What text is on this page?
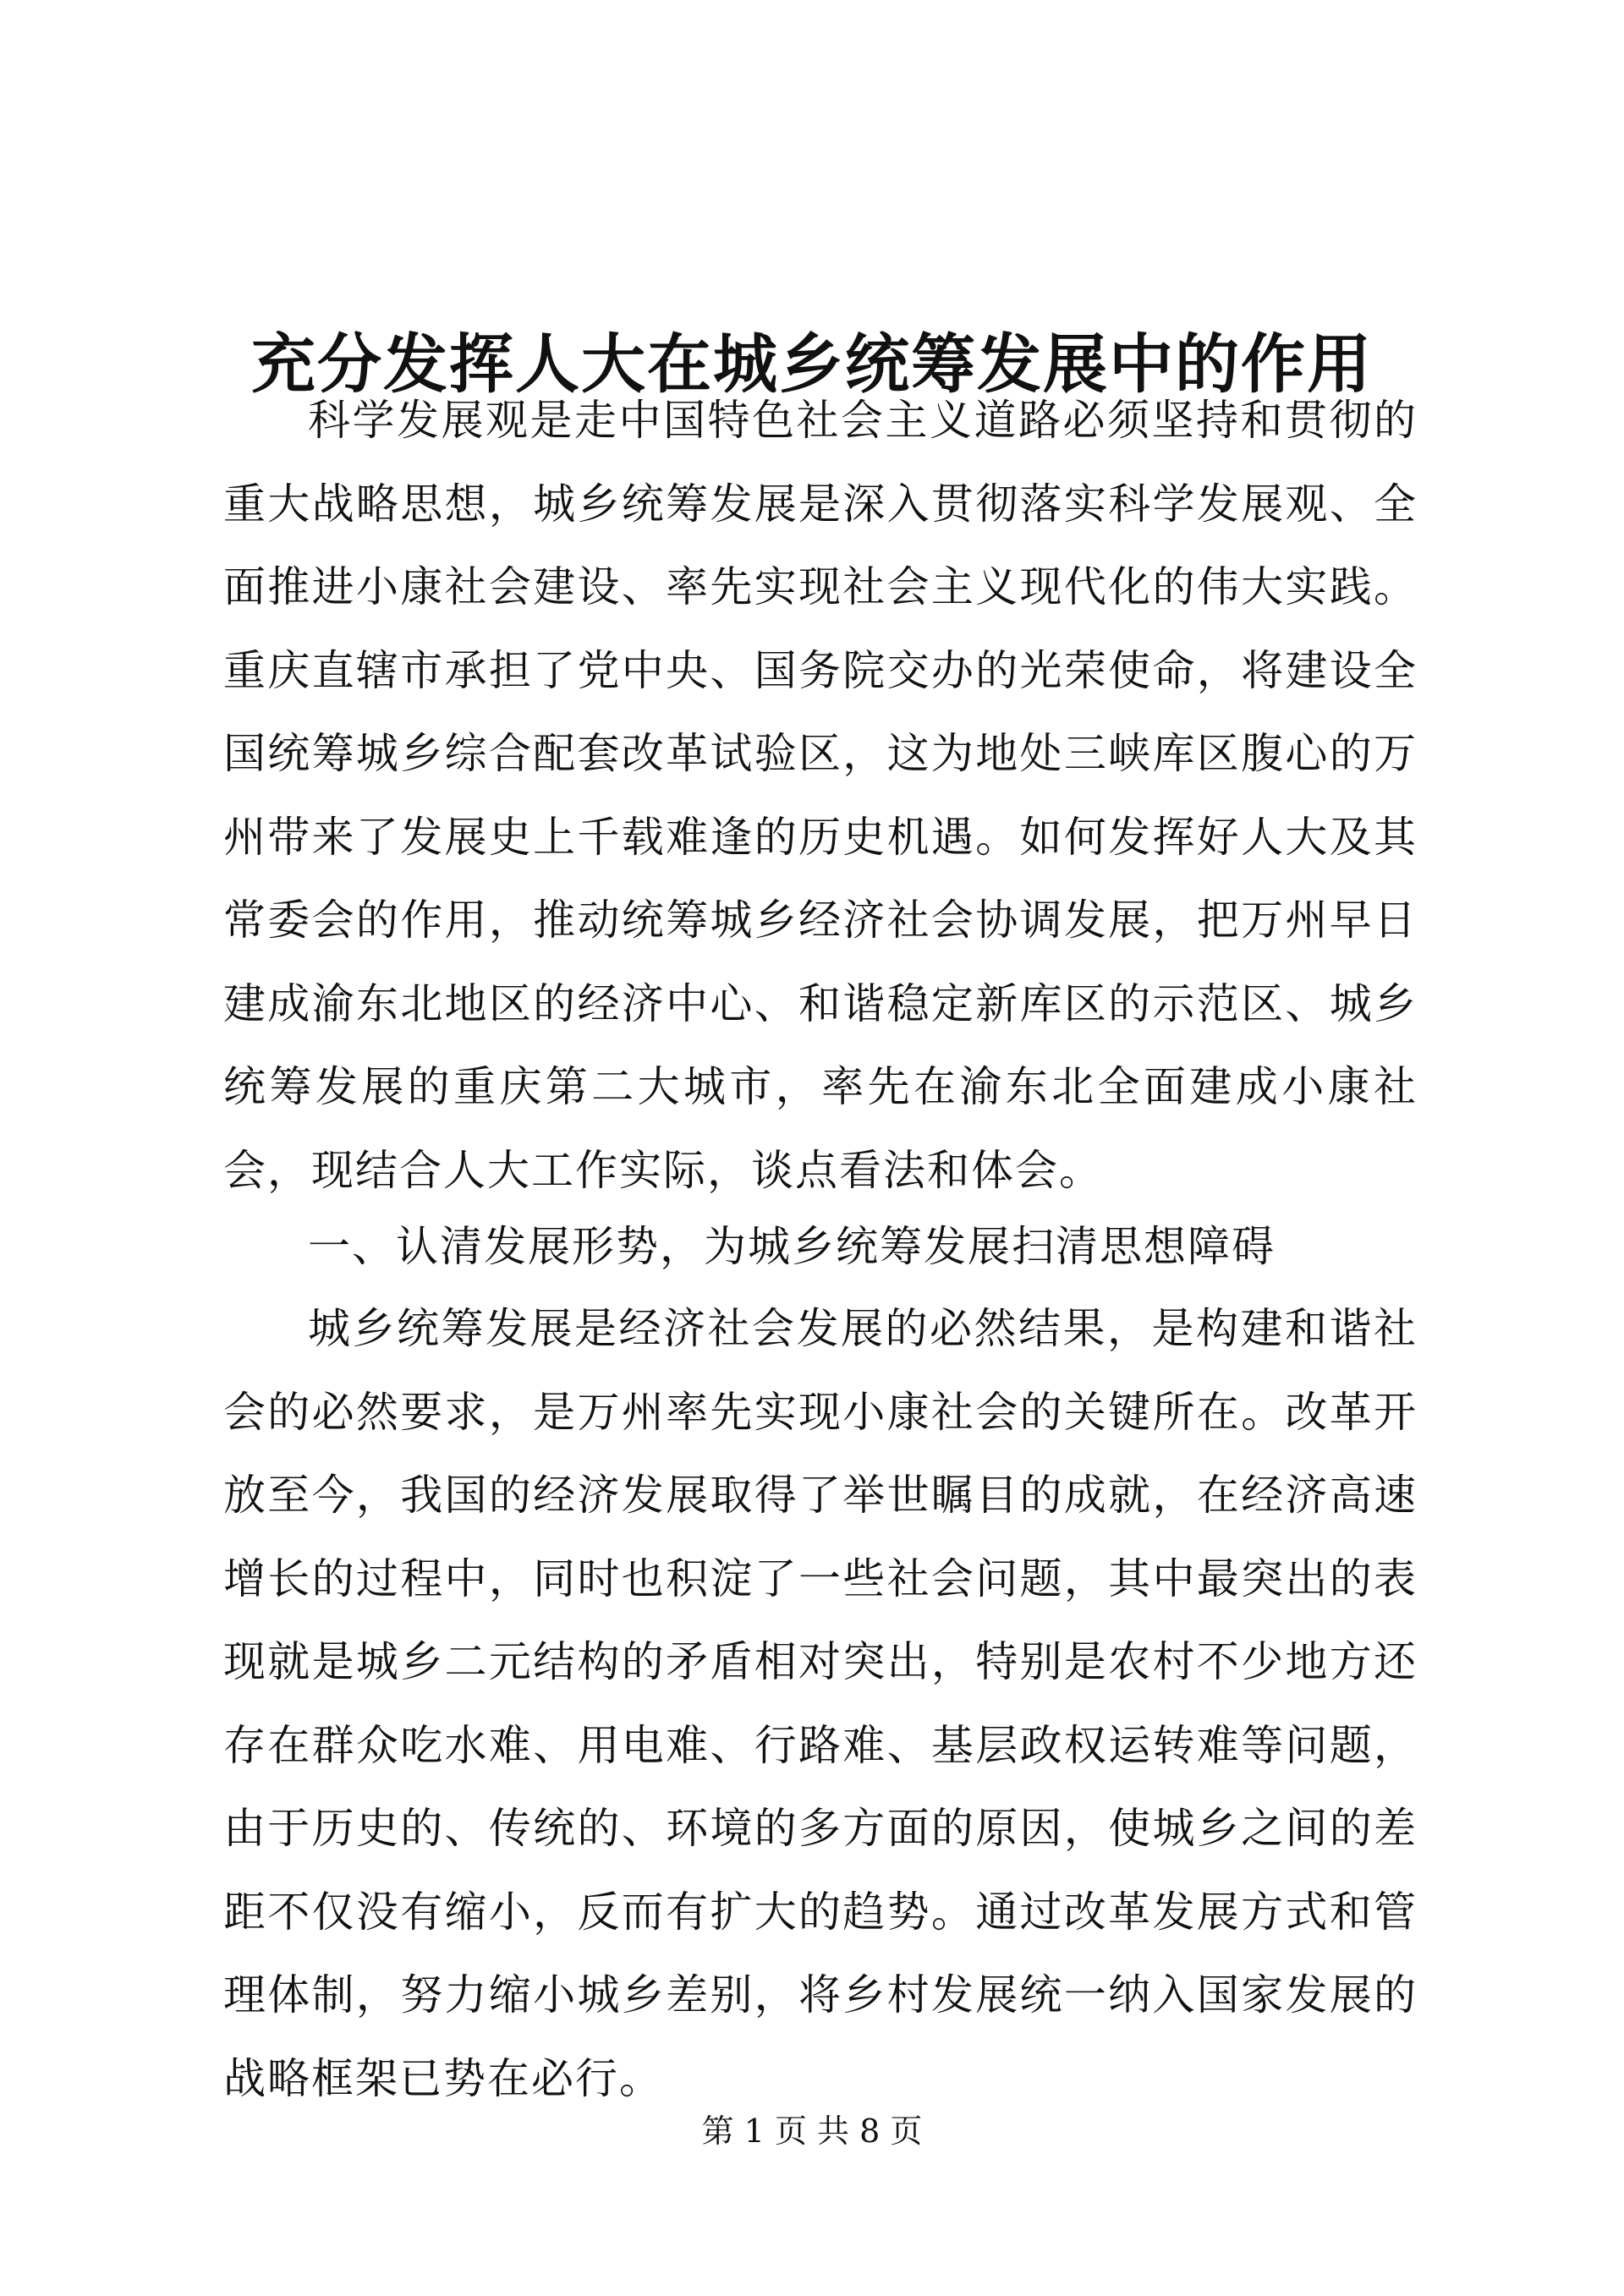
充分发挥人大在城乡统筹发展中的作用

科学发展观是走中国特色社会主义道路必须坚持和贯彻的重大战略思想，城乡统筹发展是深入贯彻落实科学发展观、全面推进小康社会建设、率先实现社会主义现代化的伟大实践。重庆直辖市承担了党中央、国务院交办的光荣使命，将建设全国统筹城乡综合配套改革试验区，这为地处三峡库区腹心的万州带来了发展史上千载难逢的历史机遇。如何发挥好人大及其常委会的作用，推动统筹城乡经济社会协调发展，把万州早日建成渝东北地区的经济中心、和谐稳定新库区的示范区、城乡统筹发展的重庆第二大城市，率先在渝东北全面建成小康社会，现结合人大工作实际，谈点看法和体会。

一、认清发展形势，为城乡统筹发展扫清思想障碍

城乡统筹发展是经济社会发展的必然结果，是构建和谐社会的必然要求，是万州率先实现小康社会的关键所在。改革开放至今，我国的经济发展取得了举世瞩目的成就，在经济高速增长的过程中，同时也积淀了一些社会问题，其中最突出的表现就是城乡二元结构的矛盾相对突出，特别是农村不少地方还存在群众吃水难、用电难、行路难、基层政权运转难等问题，由于历史的、传统的、环境的多方面的原因，使城乡之间的差距不仅没有缩小，反而有扩大的趋势。通过改革发展方式和管理体制，努力缩小城乡差别，将乡村发展统一纳入国家发展的战略框架已势在必行。

第 1 页 共 8 页
